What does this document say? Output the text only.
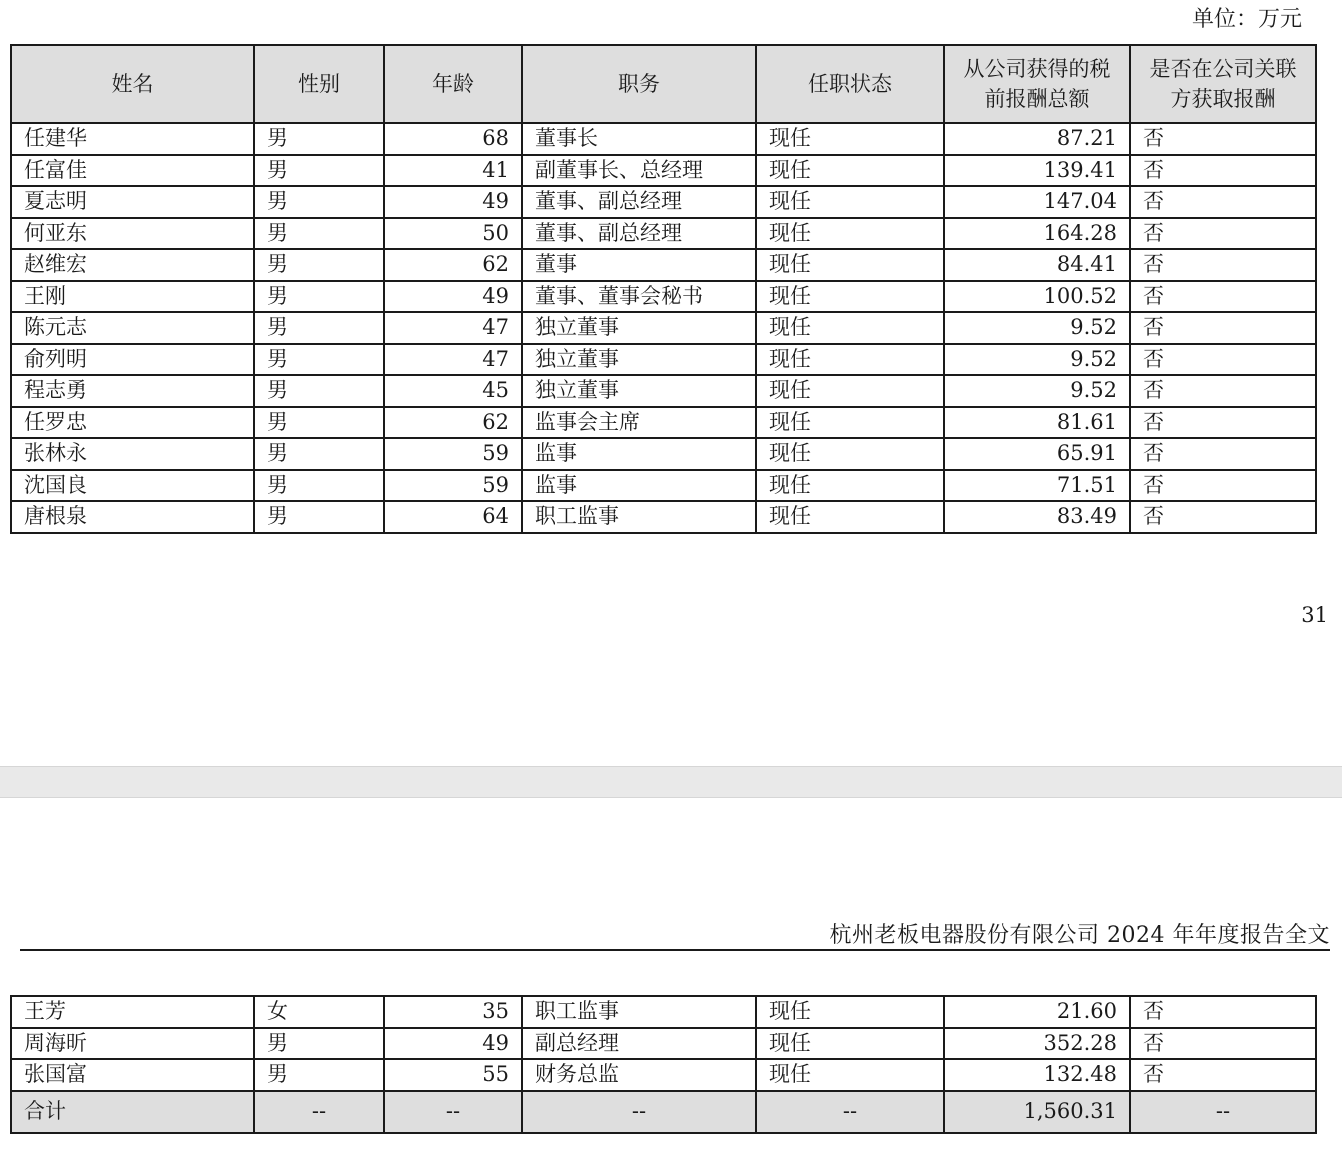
单位：万元
姓名	性别	年龄	职务	任职状态	从公司获得的税前报酬总额	是否在公司关联方获取报酬
任建华	男	68	董事长	现任	87.21	否
任富佳	男	41	副董事长、总经理	现任	139.41	否
夏志明	男	49	董事、副总经理	现任	147.04	否
何亚东	男	50	董事、副总经理	现任	164.28	否
赵维宏	男	62	董事	现任	84.41	否
王刚	男	49	董事、董事会秘书	现任	100.52	否
陈元志	男	47	独立董事	现任	9.52	否
俞列明	男	47	独立董事	现任	9.52	否
程志勇	男	45	独立董事	现任	9.52	否
任罗忠	男	62	监事会主席	现任	81.61	否
张林永	男	59	监事	现任	65.91	否
沈国良	男	59	监事	现任	71.51	否
唐根泉	男	64	职工监事	现任	83.49	否
31
杭州老板电器股份有限公司 2024 年年度报告全文
王芳	女	35	职工监事	现任	21.60	否
周海昕	男	49	副总经理	现任	352.28	否
张国富	男	55	财务总监	现任	132.48	否
合计	--	--	--	--	1,560.31	--
